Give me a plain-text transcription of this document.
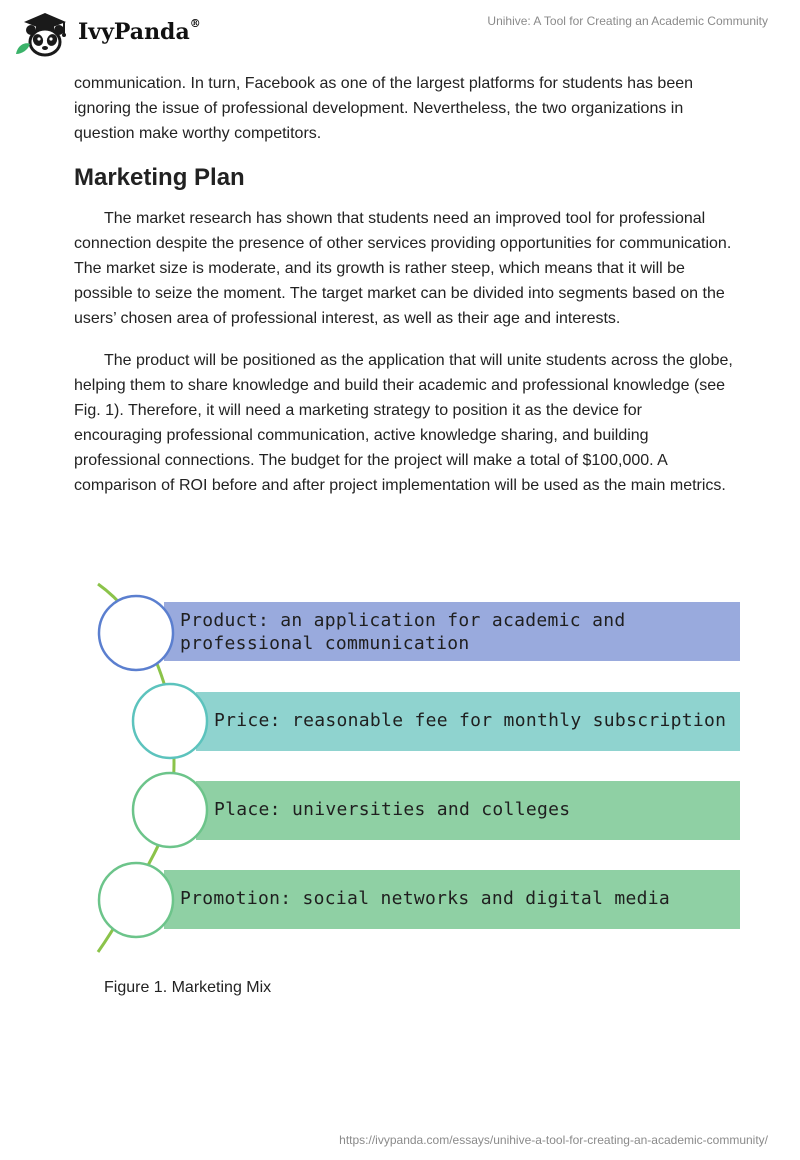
IvyPanda®	Unihive: A Tool for Creating an Academic Community

communication. In turn, Facebook as one of the largest platforms for students has been ignoring the issue of professional development. Nevertheless, the two organizations in question make worthy competitors.

Marketing Plan

The market research has shown that students need an improved tool for professional connection despite the presence of other services providing opportunities for communication. The market size is moderate, and its growth is rather steep, which means that it will be possible to seize the moment. The target market can be divided into segments based on the users’ chosen area of professional interest, as well as their age and interests.

The product will be positioned as the application that will unite students across the globe, helping them to share knowledge and build their academic and professional knowledge (see Fig. 1). Therefore, it will need a marketing strategy to position it as the device for encouraging professional communication, active knowledge sharing, and building professional connections. The budget for the project will make a total of $100,000. A comparison of ROI before and after project implementation will be used as the main metrics.

Product: an application for academic and
professional communication
Price: reasonable fee for monthly subscription
Place: universities and colleges
Promotion: social networks and digital media
Figure 1. Marketing Mix
https://ivypanda.com/essays/unihive-a-tool-for-creating-an-academic-community/
